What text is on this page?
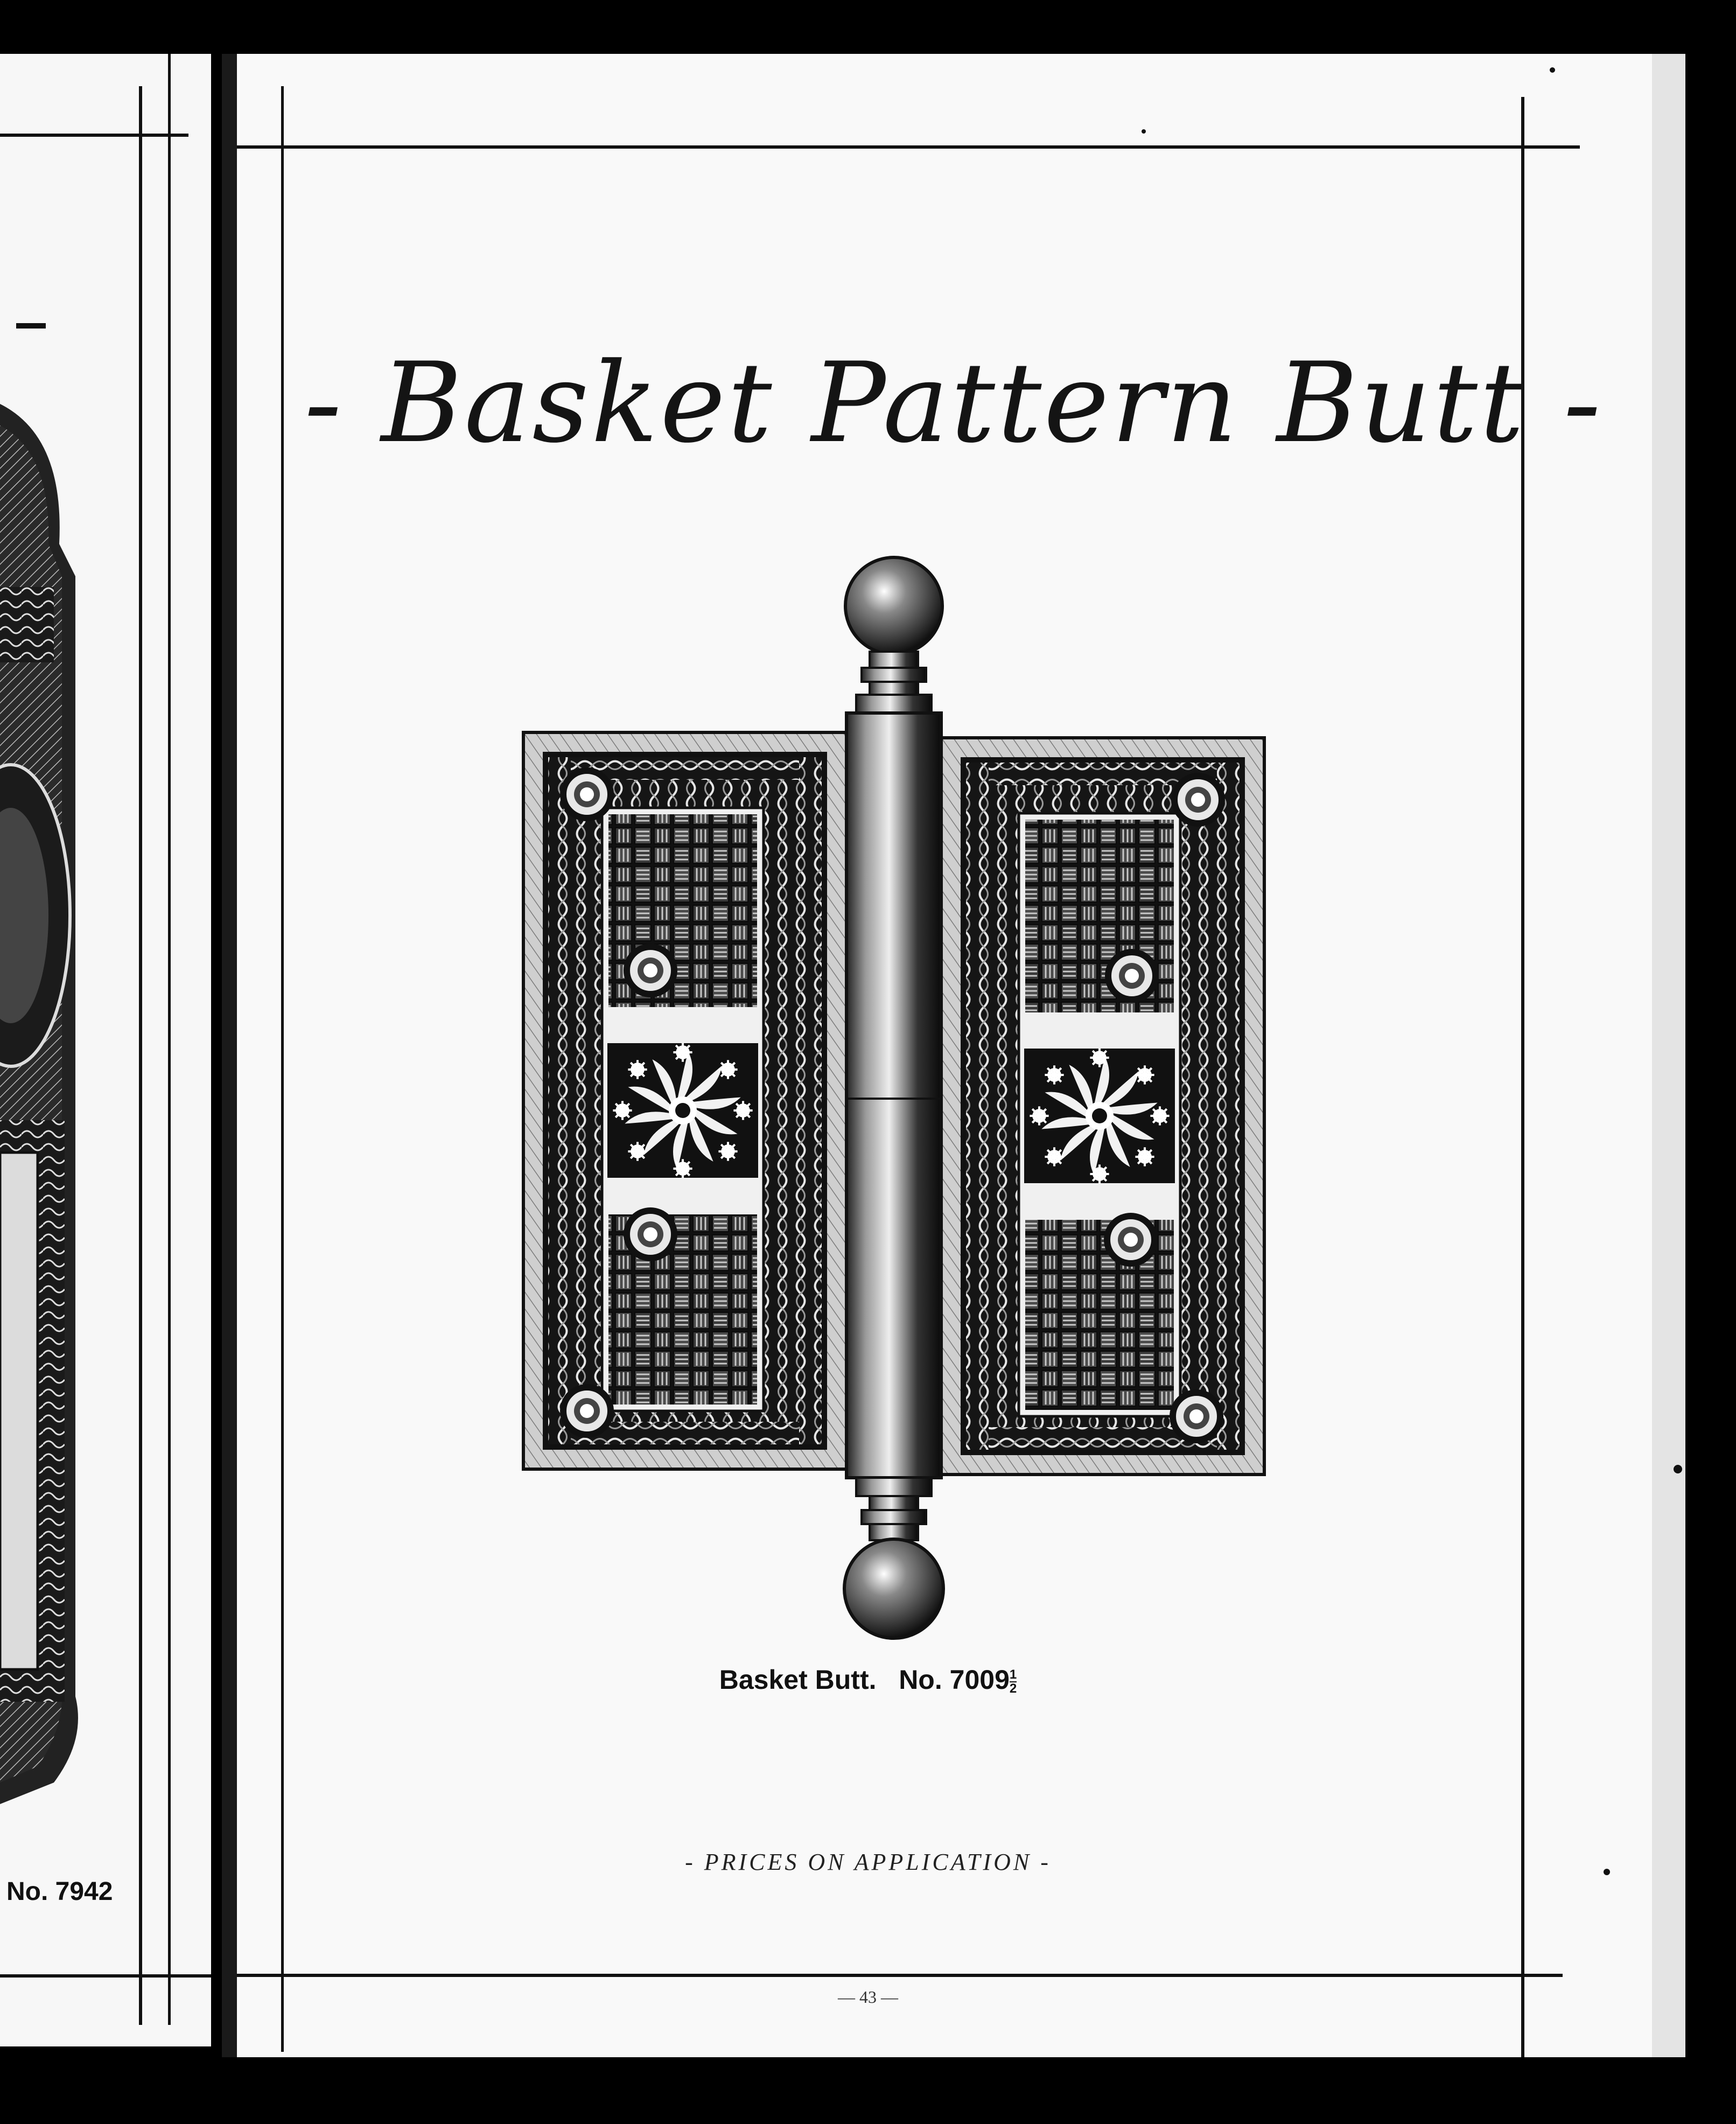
No. 7942
- Basket Pattern Butt -
Basket Butt. No. $7009 \frac{1}{2}$
- PRICES ON APPLICATION -
— 43 —
